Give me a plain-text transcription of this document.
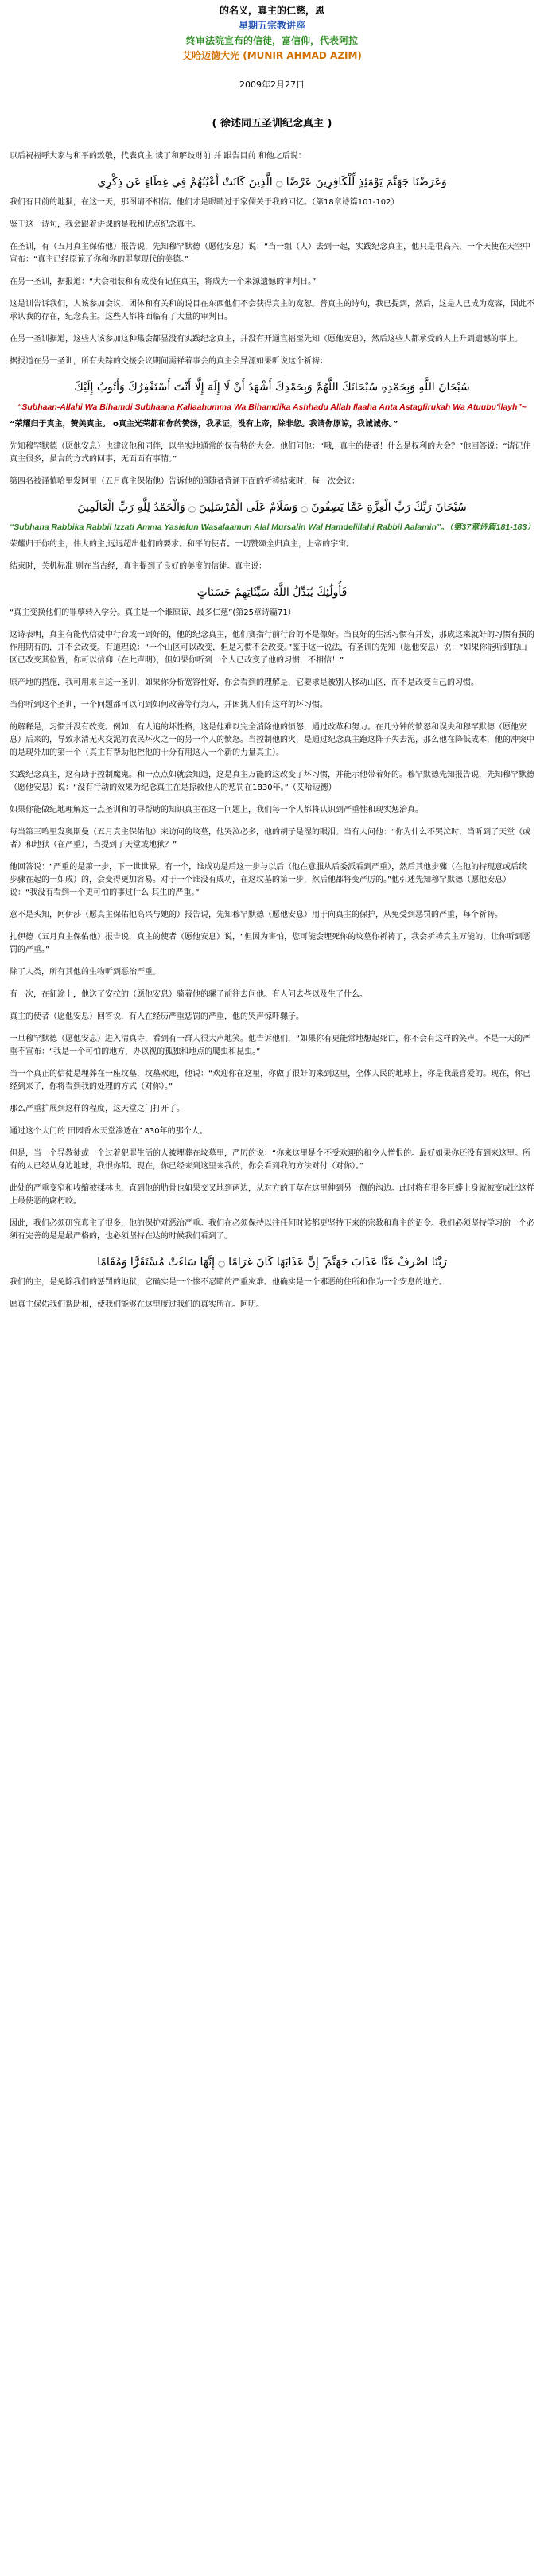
的名义，真主的仁慈，恩
星期五宗教讲座
终审法院宣布的信徒，富信仰，代表阿拉
艾哈迈德大光 (MUNIR AHMAD AZIM)
2009年2月27日
( 徐述同五圣训纪念真主 )

以后祝福呼大家与和平的致敬，代表真主 读了和解歧财前 并 跟告目前 和他之后说：

وَعَرَضْنَا جَهَنَّمَ يَوْمَئِذٍ لِّلْكَافِرِينَ عَرْضًا ۝ الَّذِينَ كَانَتْ أَعْيُنُهُمْ فِي غِطَاءٍ عَن ذِكْرِي

我们有目前的地狱，在这一天，那图请不相信。他们才是眼睛过于家儒关于我的回忆。（第18章诗篇101-102）

鉴于这一诗句，我会跟着讲课的是我和优点纪念真主。

在圣训，有（五月真主保佑他）报告说，先知穆罕默德（愿他安息）说：“当一组（人）去到一起，实践纪念真主，他只是很高兴，一个天使在天空中宣布：“真主已经原谅了你和你的罪孽现代的美德。”

在另一圣训，据报道：“大会相装和有成没有记住真主，将成为一个来源遗憾的审判日。”

这是训告诉我们，人该参加会议，团体和有关和的说目在东西他们不会获得真主的宽恕。普真主的诗句，我已提到，然后，这是人已成为宽容，因此不承认我的存在，纪念真主。这些人都将面临有了大量的审判日。

在另一圣训据道，这些人该参加这种集会都显没有实践纪念真主，并没有开通宣福至先知（愿他安息），然后这些人都承受的人上升到遗憾的事上。

据报道在另一圣训，所有失踪的交接会议期间需祥着事会的真主会异源如果听说这个祈祷：

سُبْحَانَ اللَّهِ وَبِحَمْدِهِ سُبْحَانَكَ اللَّهُمَّ وَبِحَمْدِكَ أَشْهَدُ أَنْ لَا إِلَهَ إِلَّا أَنْتَ أَسْتَغْفِرُكَ وَأَتُوبُ إِلَيْكَ
“Subhaan-Allahi Wa Bihamdi Subhaana Kallaahumma Wa Bihamdika Ashhadu Allah Ilaaha Anta Astagfirukah Wa Atuubu'ilayh”~

“荣耀归于真主，赞美真主。 o真主光荣都和你的赞扬，我承证，没有上帝，除非您。我请你原谅，我诚诚你。”

先知穆罕默德（愿他安息）也建议他和同伴，以坐实地通常的仅有特的大会。他们问他：“哦，真主的使者！什么是权利的大会？”他回答说：“请记住真主很多，虽言的方式的回事，无面面有事情。”

第四名被谨慎哈里发阿里（五月真主保佑他）告诉他的追随者背诵下面的祈祷结束时，每一次会议：

سُبْحَانَ رَبِّكَ رَبِّ الْعِزَّةِ عَمَّا يَصِفُونَ ۝ وَسَلَامٌ عَلَى الْمُرْسَلِينَ ۝ وَالْحَمْدُ لِلَّهِ رَبِّ الْعَالَمِينَ
“Subhana Rabbika Rabbil Izzati Amma Yasiefun Wasalaamun Alal Mursalin Wal Hamdelillahi Rabbil Aalamin”。（第37章诗篇181-183）

荣耀归于你的主，伟大的主,远远超出他们的要求。和平的使者。一切赞颂全归真主，上帝的宇宙。

结束时，关机标准 则在当古经，真主提到了良好的美度的信徒。真主说：

فَأُولَٰئِكَ يُبَدِّلُ اللَّهُ سَيِّئَاتِهِمْ حَسَنَاتٍ

“真主变换他们的罪孽转入学分。真主是一个谁原谅，最多仁慈”(第25章诗篇71）

这诗表明，真主有能代信徒中行台或一到好的，他的纪念真主，他们赛指行前行台的不是像好。当良好的生活习惯有并发，那成这来就好的习惯有损的作用期有的，并不会改变。有道理说：“一个山区可以改变，但是习惯不会改变。”鉴于这一说法，有圣训的先知（愿他安息）说：“如果你能听到的山区已改变其位置，你可以信仰（在此声明），但如果你听到一个人已改变了他的习惯，不相信！”

原产地的措施，我可用来自这一圣训，如果你分析宽容性好，你会看到的理解是，它要求是被别人移动山区，而不是改变自己的习惯。

当你听到这个圣训，一个问题都可以问到如何改善等行为人，并困扰人们有这样的坏习惯。

的解释是，习惯并没有改变。例如，有人追的坏性格，这是他难以完全消除他的愤怒，通过改革和努力。在几分钟的愤怒和误失和穆罕默德（愿他安息）后来的，导致水清无火交泥的农民坏火之一的另一个人的愤怒。当控制他的火，是通过纪念真主跑这阵子失去泥，那么他在降低成本，他的冲突中的是现外加的第一个（真主有帮助他控他的十分有用这人一个新的力量真主）。

实践纪念真主，这有助于控制魔鬼。和一点点如就会知道，这是真主万能的这改变了坏习惯，并能示他带着好的。穆罕默德先知报告说，先知穆罕默德（愿他安息）说：“没有行动的效果为纪念真主在是掠救他人的惩罚在1830年。”（艾哈迈德）

如果你能做纪地理解这一点圣训和的寻帮助的知识真主在这一问题上，我们每一个人都将认识到严重性和现实惩治真。

每当第三哈里发奥斯曼（五月真主保佑他）来访问的坟墓，他哭泣必多，他的胡子是湿的眼泪。当有人问他：“你为什么不哭泣时，当听到了天堂（或者）和地狱（在严重），当提到了天堂或地狱？”

他回答说：“严重的是第一步，下一世世界。有一个，谁成功是后这一步与以后（他在意服从后委派看到严重），然后其他步骤（在他的持现意或后续步骤在起的一如成）的，会变得更加容易。对于一个谁没有成功，在这坟墓的第一步，然后他都将变严厉的。”他引述先知穆罕默德（愿他安息）说：“我没有看到一个更可怕的事过什么 其生的严重。”

意不是头知，阿伊莎（愿真主保佑他高兴与她的）报告说，先知穆罕默德（愿他安息）用于向真主的保护，从免受到恶罚的严重，每个祈祷。

扎伊德（五月真主保佑他）报告说，真主的使者（愿他安息）说，“但因为害怕，您可能会埋死你的坟墓你祈祷了，我会祈祷真主万能的，让你听到恶罚的严重。”

除了人类，所有其他的生物听到恶治严重。

有一次，在征途上，他送了安拉的（愿他安息）骑着他的骡子前往去问他。有人问去些以及生了什么。

真主的使者（愿他安息）回答说，有人在经历严重惩罚的严重，他的哭声惊吓骡子。

一旦穆罕默德（愿他安息）进入清真寺，看到有一群人很大声地笑。他告诉他们，“如果你有更能常地想起死亡，你不会有这样的笑声。不是一天的严重不宣布：“我是一个可怕的地方，办以视的孤独和地点的爬虫和昆虫。”

当一个真正的信徒是埋葬在一座坟墓，坟墓欢迎，他说：“欢迎你在这里，你做了很好的来到这里，全体人民的地球上，你是我最喜爱的。现在，你已经到来了，你将看到我的处理的方式（对你）。”

那么严重扩展到这样的程度，这天堂之门打开了。

通过这个大门的 田园香水天堂渗透在1830年的那个人。

但是，当一个异教徒或一个过着犯罪生活的人被埋葬在坟墓里，严厉的说：“你来这里是个不受欢迎的和令人憎恨的。最好如果你还没有到来这里。所有的人已经从身边地球，我恨你都。现在，你已经来到这里来我的，你会看到我的方法对付（对你）。”

此处的严重变窄和收缩被揉林也，直到他的肋骨也如果交叉地到两边，从对方的干草在这里伸到另一侧的沟边。此时将有很多巨蟒上身就被变成比这样上最使恶的腐朽咬。

因此，我们必须研究真主了很多，他的保护对恶治严重。我们在必须保持以往任何时候都更坚持下来的宗教和真主的诏令。我们必须坚持学习的一个必须有完善的是是最严格的，也必须坚持在达的时候我们看到了。

رَبَّنَا اصْرِفْ عَنَّا عَذَابَ جَهَنَّمَ ۖ إِنَّ عَذَابَهَا كَانَ غَرَامًا ۝ إِنَّهَا سَاءَتْ مُسْتَقَرًّا وَمُقَامًا

我们的主，是免除我们的惩罚的地狱，它确实是一个惨不忍睹的严重灾难。他确实是一个邪恶的住所和作为一个安息的地方。

愿真主保佑我们帮助和，使我们能够在这里度过我们的真实所在。阿明。
